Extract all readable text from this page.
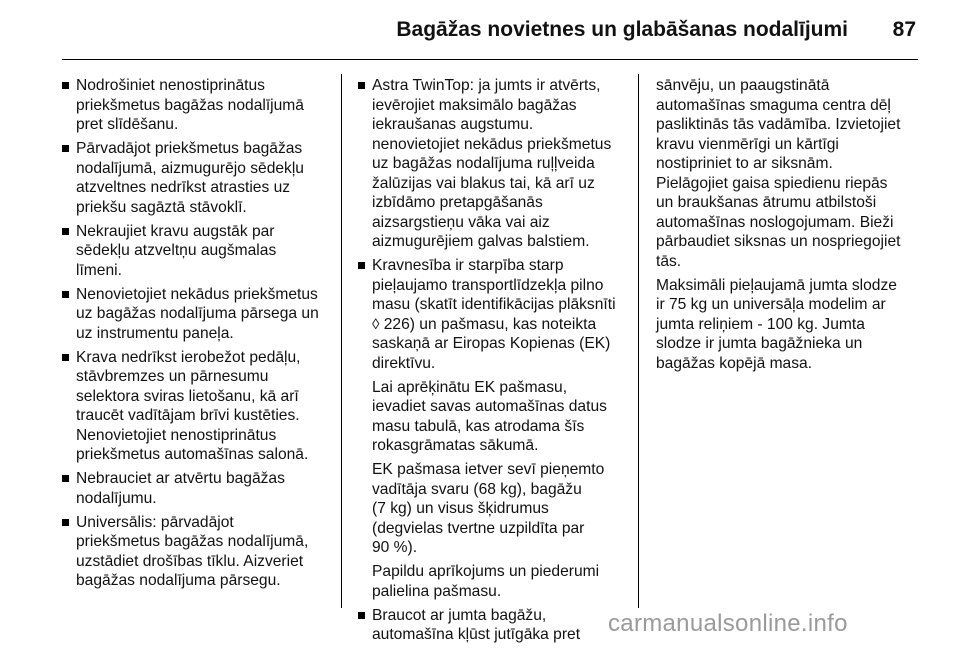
Bagāžas novietnes un glabāšanas nodalījumi 87

Nodrošiniet nenostiprinātus
priekšmetus bagāžas nodalījumā
pret slīdēšanu.

Pārvadājot priekšmetus bagāžas
nodalījumā, aizmugurējo sēdekļu
atzveltnes nedrīkst atrasties uz
priekšu sagāztā stāvoklī.

Nekraujiet kravu augstāk par
sēdekļu atzveltņu augšmalas
līmeni.

Nenovietojiet nekādus priekšmetus
uz bagāžas nodalījuma pārsega un
uz instrumentu paneļa.

Krava nedrīkst ierobežot pedāļu,
stāvbremzes un pārnesumu
selektora sviras lietošanu, kā arī
traucēt vadītājam brīvi kustēties.
Nenovietojiet nenostiprinātus
priekšmetus automašīnas salonā.

Nebrauciet ar atvērtu bagāžas
nodalījumu.

Universālis: pārvadājot
priekšmetus bagāžas nodalījumā,
uzstādiet drošības tīklu. Aizveriet
bagāžas nodalījuma pārsegu.

Astra TwinTop: ja jumts ir atvērts,
ievērojiet maksimālo bagāžas
iekraušanas augstumu.
nenovietojiet nekādus priekšmetus
uz bagāžas nodalījuma ruļļveida
žalūzijas vai blakus tai, kā arī uz
izbīdāmo pretapgāšanās
aizsargstieņu vāka vai aiz
aizmugurējiem galvas balstiem.

Kravnesība ir starpība starp
pieļaujamo transportlīdzekļa pilno
masu (skatīt identifikācijas plāksnīti
◊ 226) un pašmasu, kas noteikta
saskaņā ar Eiropas Kopienas (EK)
direktīvu.

Lai aprēķinātu EK pašmasu,
ievadiet savas automašīnas datus
masu tabulā, kas atrodama šīs
rokasgrāmatas sākumā.

EK pašmasa ietver sevī pieņemto
vadītāja svaru (68 kg), bagāžu
(7 kg) un visus šķidrumus
(degvielas tvertne uzpildīta par
90 %).

Papildu aprīkojums un piederumi
palielina pašmasu.

Braucot ar jumta bagāžu,
automašīna kļūst jutīgāka pret

sānvēju, un paaugstinātā
automašīnas smaguma centra dēļ
pasliktinās tās vadāmība. Izvietojiet
kravu vienmērīgi un kārtīgi
nostipriniet to ar siksnām.
Pielāgojiet gaisa spiedienu riepās
un braukšanas ātrumu atbilstoši
automašīnas noslogojumam. Bieži
pārbaudiet siksnas un nospriegojiet
tās.

Maksimāli pieļaujamā jumta slodze
ir 75 kg un universāļa modelim ar
jumta reliņiem - 100 kg. Jumta
slodze ir jumta bagāžnieka un
bagāžas kopējā masa.

carmanualsonline.info
